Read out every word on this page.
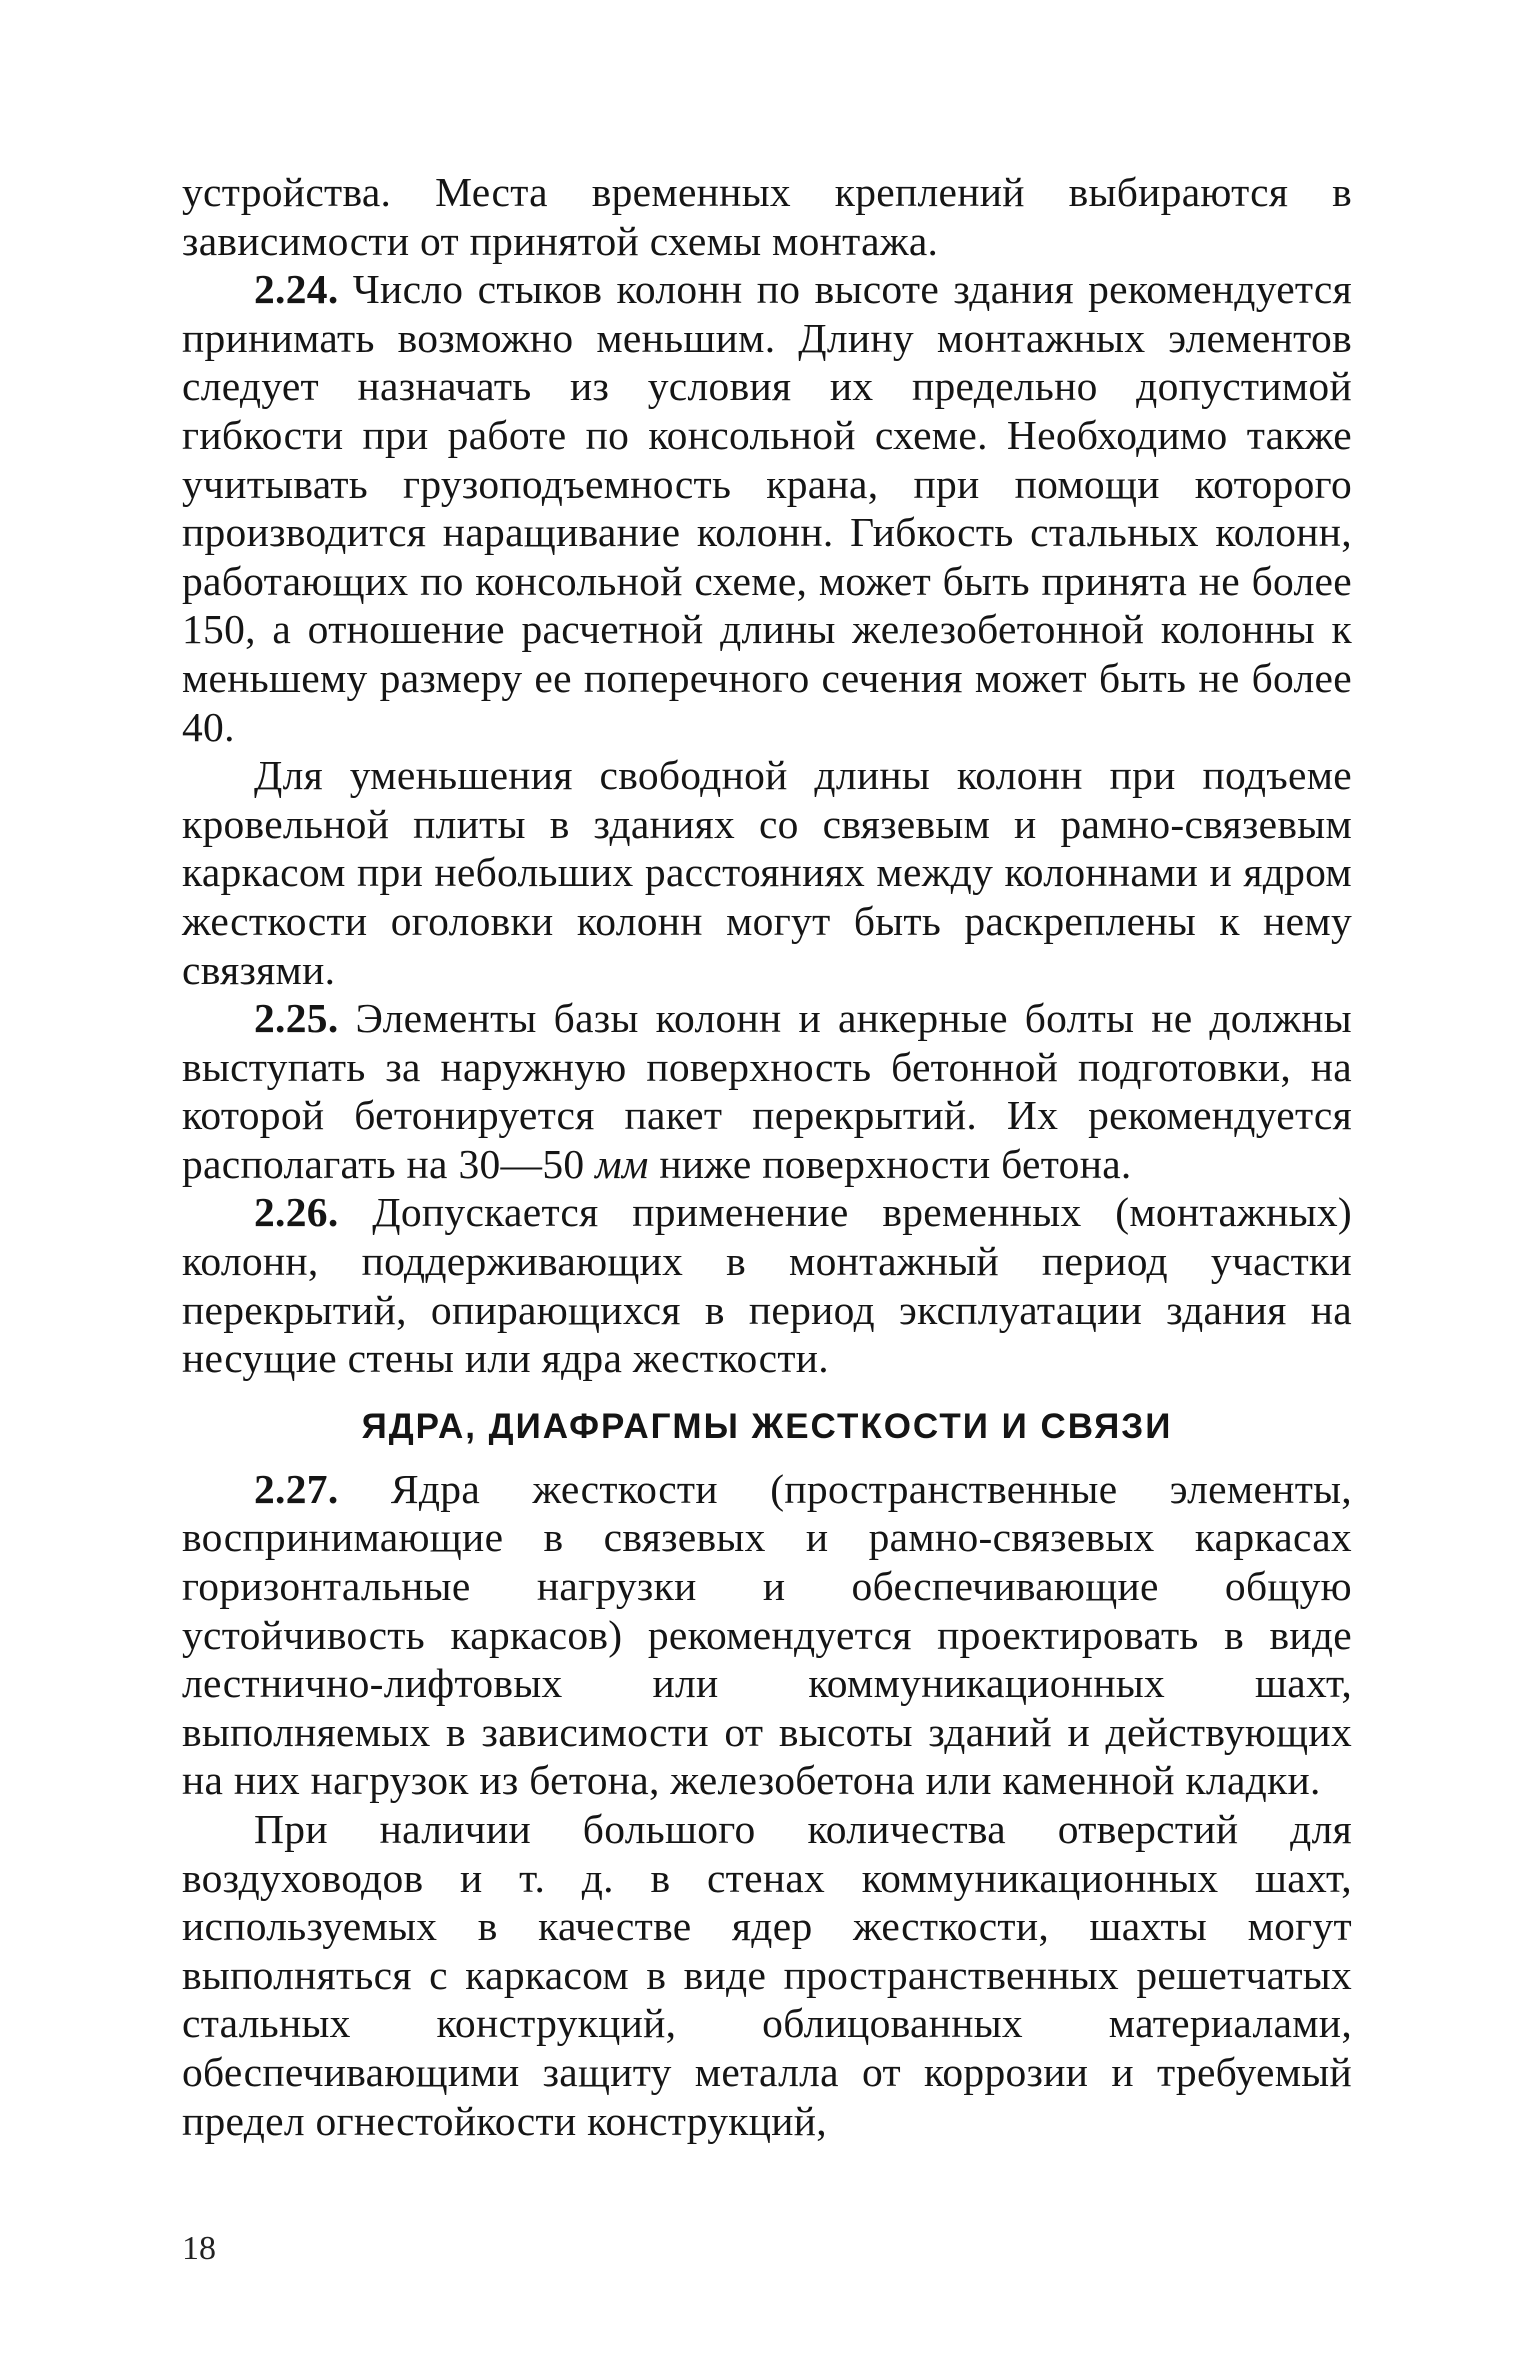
устройства. Места временных креплений выбираются в зависимости от принятой схемы монтажа.

2.24. Число стыков колонн по высоте здания рекомендуется принимать возможно меньшим. Длину монтажных элементов следует назначать из условия их предельно допустимой гибкости при работе по консольной схеме. Необходимо также учитывать грузоподъемность крана, при помощи которого производится наращивание колонн. Гибкость стальных колонн, работающих по консольной схеме, может быть принята не более 150, а отношение расчетной длины железобетонной колонны к меньшему размеру ее поперечного сечения может быть не более 40.

Для уменьшения свободной длины колонн при подъеме кровельной плиты в зданиях со связевым и рамно-связевым каркасом при небольших расстояниях между колоннами и ядром жесткости оголовки колонн могут быть раскреплены к нему связями.

2.25. Элементы базы колонн и анкерные болты не должны выступать за наружную поверхность бетонной подготовки, на которой бетонируется пакет перекрытий. Их рекомендуется располагать на 30—50 мм ниже поверхности бетона.

2.26. Допускается применение временных (монтажных) колонн, поддерживающих в монтажный период участки перекрытий, опирающихся в период эксплуатации здания на несущие стены или ядра жесткости.

ЯДРА, ДИАФРАГМЫ ЖЕСТКОСТИ И СВЯЗИ

2.27. Ядра жесткости (пространственные элементы, воспринимающие в связевых и рамно-связевых каркасах горизонтальные нагрузки и обеспечивающие общую устойчивость каркасов) рекомендуется проектировать в виде лестнично-лифтовых или коммуникационных шахт, выполняемых в зависимости от высоты зданий и действующих на них нагрузок из бетона, железобетона или каменной кладки.

При наличии большого количества отверстий для воздуховодов и т. д. в стенах коммуникационных шахт, используемых в качестве ядер жесткости, шахты могут выполняться с каркасом в виде пространственных решетчатых стальных конструкций, облицованных материалами, обеспечивающими защиту металла от коррозии и требуемый предел огнестойкости конструкций,

18
